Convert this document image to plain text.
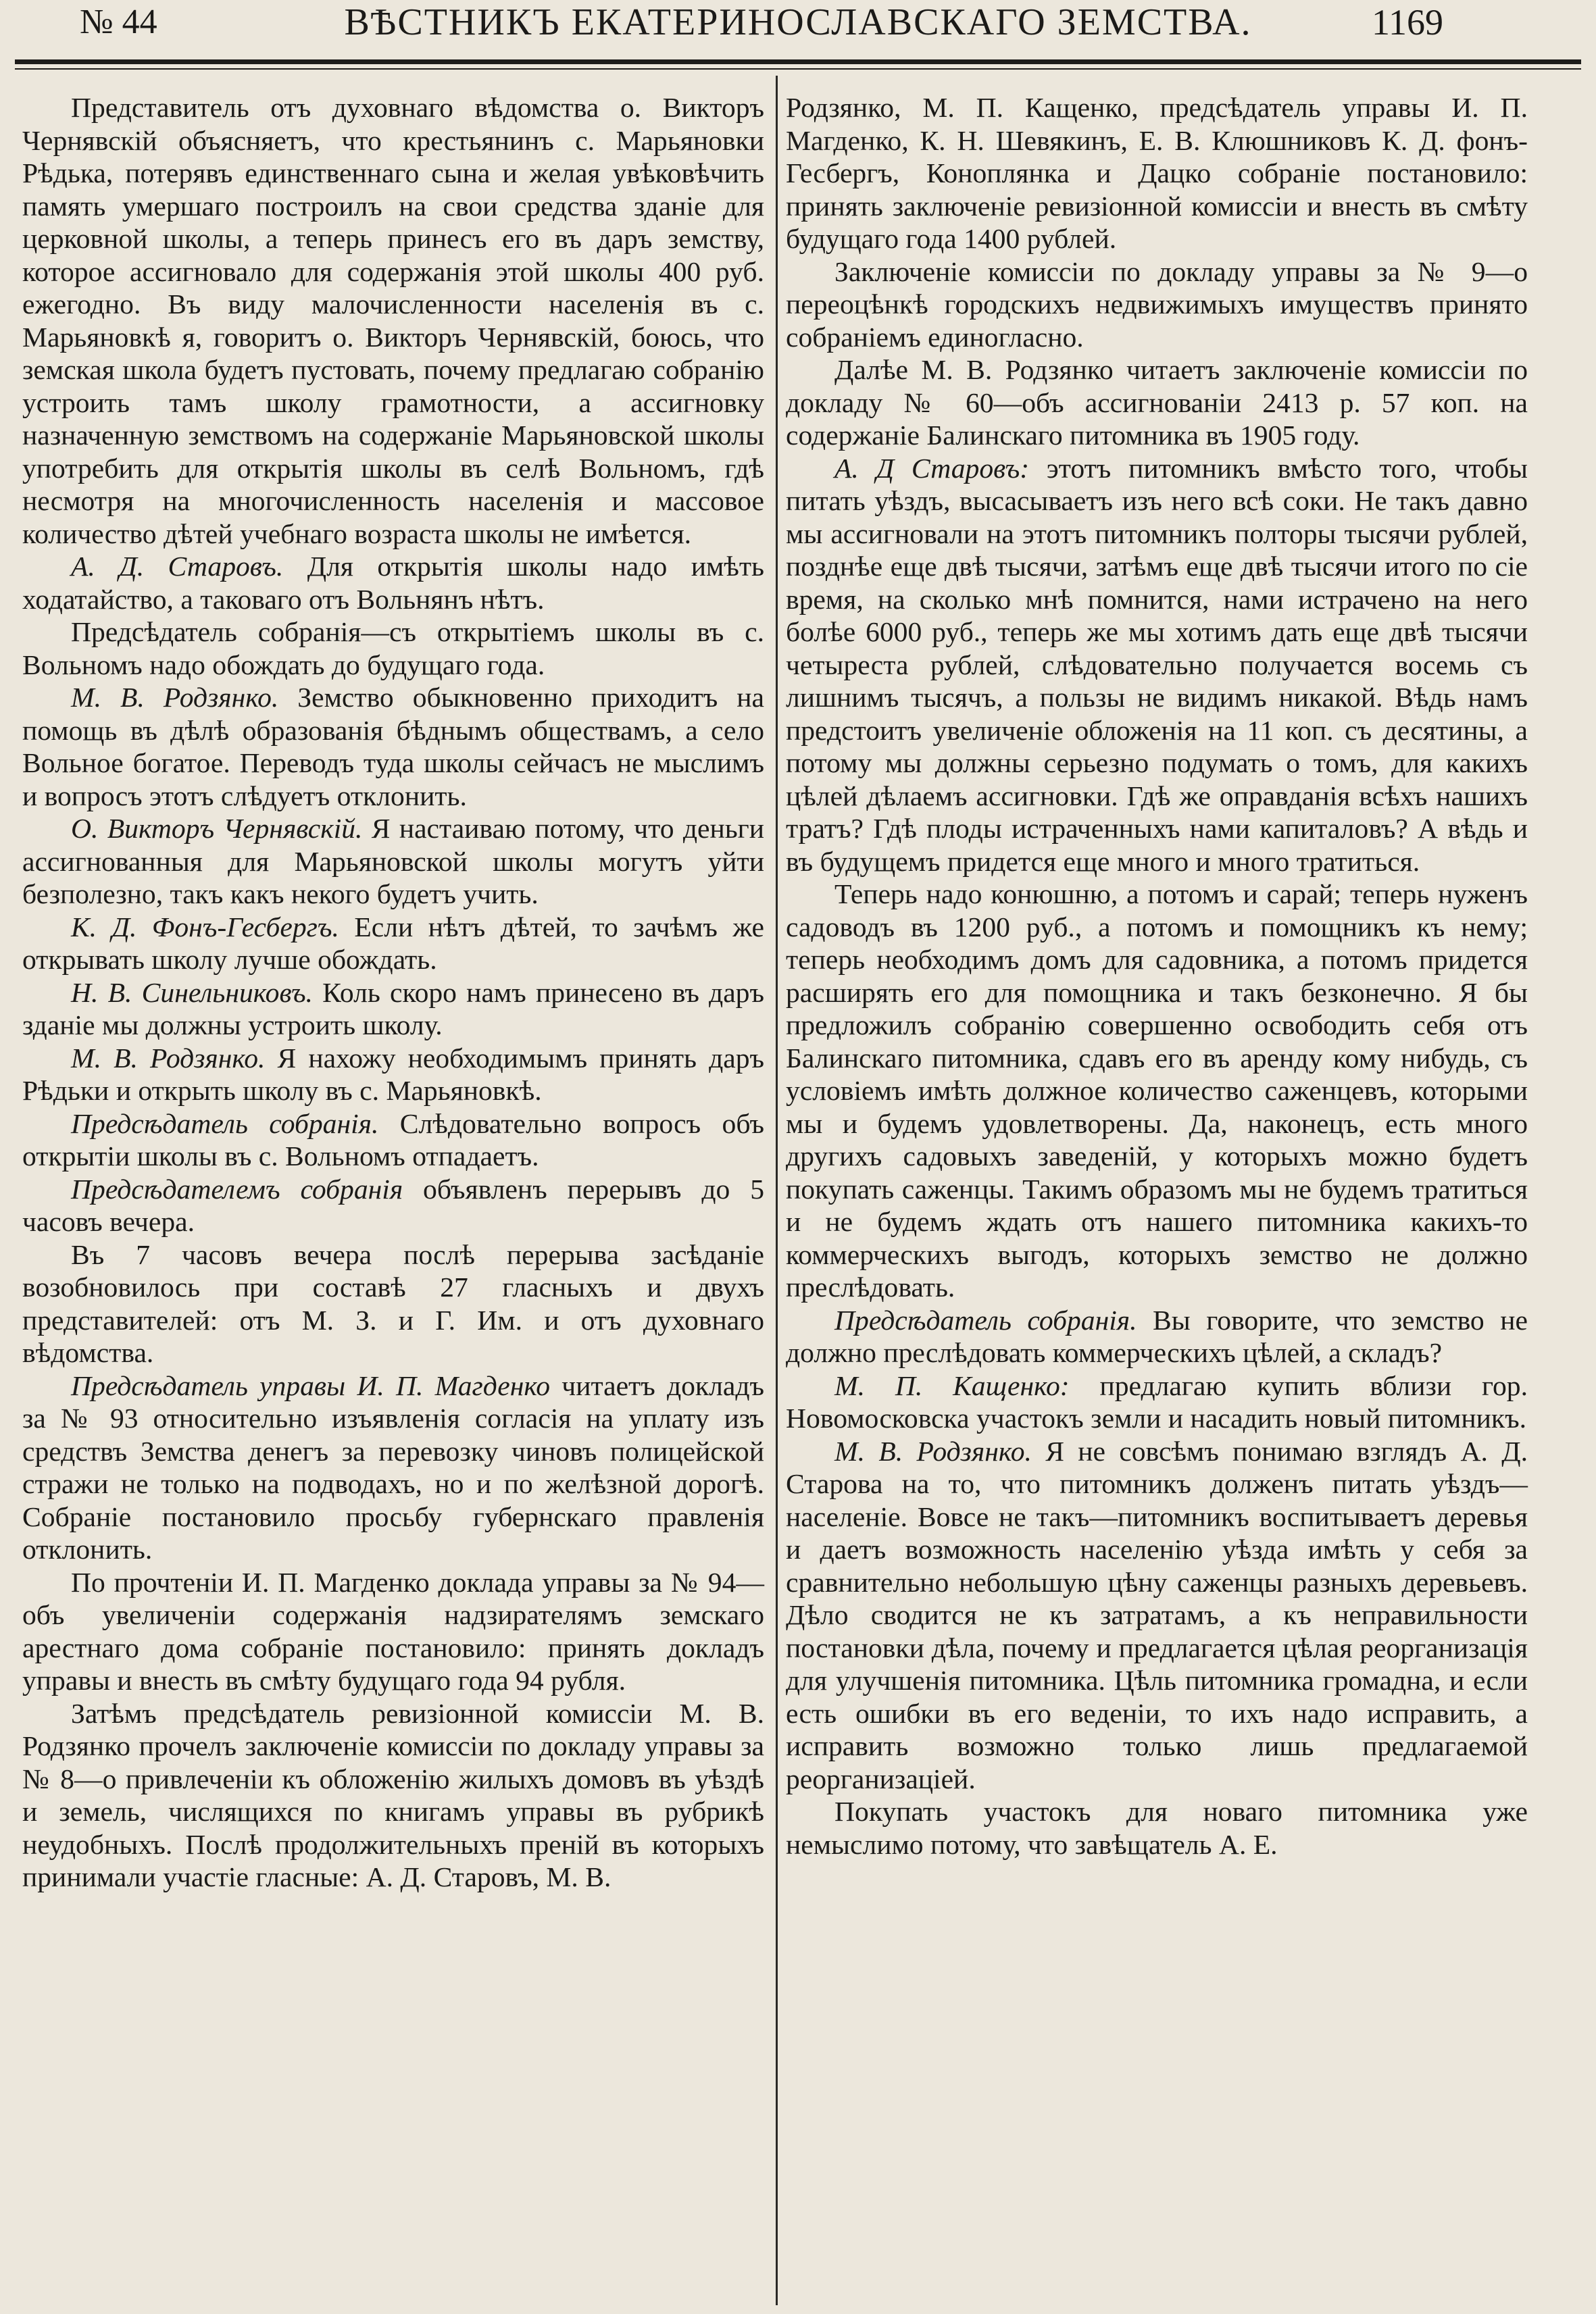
№ 44	ВѢСТНИКЪ ЕКАТЕРИНОСЛАВСКАГО ЗЕМСТВА.	1169

Представитель отъ духовнаго вѣдомства о. Викторъ Чернявскій объясняетъ, что крестьянинъ с. Марьяновки Рѣдька, потерявъ единственнаго сына и желая увѣковѣчить память умершаго построилъ на свои средства зданіе для церковной школы, а теперь принесъ его въ даръ земству, которое ассигновало для содержанія этой школы 400 руб. ежегодно. Въ виду малочисленности населенія въ с. Марьяновкѣ я, говоритъ о. Викторъ Чернявскій, боюсь, что земская школа будетъ пустовать, почему предлагаю собранію устроить тамъ школу грамотности, а ассигновку назначенную земствомъ на содержаніе Марьяновской школы употребить для открытія школы въ селѣ Вольномъ, гдѣ несмотря на многочисленность населенія и массовое количество дѣтей учебнаго возраста школы не имѣется.

А. Д. Старовъ. Для открытія школы надо имѣть ходатайство, а таковаго отъ Вольнянъ нѣтъ.

Предсѣдатель собранія—съ открытіемъ школы въ с. Вольномъ надо обождать до будущаго года.

М. В. Родзянко. Земство обыкновенно приходитъ на помощь въ дѣлѣ образованія бѣднымъ обществамъ, а село Вольное богатое. Переводъ туда школы сейчасъ не мыслимъ и вопросъ этотъ слѣдуетъ отклонить.

О. Викторъ Чернявскій. Я настаиваю потому, что деньги ассигнованныя для Марьяновской школы могутъ уйти безполезно, такъ какъ некого будетъ учить.

К. Д. Фонъ-Гесбергъ. Если нѣтъ дѣтей, то зачѣмъ же открывать школу лучше обождать.

Н. В. Синельниковъ. Коль скоро намъ принесено въ даръ зданіе мы должны устроить школу.

М. В. Родзянко. Я нахожу необходимымъ принять даръ Рѣдьки и открыть школу въ с. Марьяновкѣ.

Предсѣдатель собранія. Слѣдовательно вопросъ объ открытіи школы въ с. Вольномъ отпадаетъ.

Предсѣдателемъ собранія объявленъ перерывъ до 5 часовъ вечера.

Въ 7 часовъ вечера послѣ перерыва засѣданіе возобновилось при составѣ 27 гласныхъ и двухъ представителей: отъ М. З. и Г. Им. и отъ духовнаго вѣдомства.

Предсѣдатель управы И. П. Магденко читаетъ докладъ за № 93 относительно изъявленія согласія на уплату изъ средствъ Земства денегъ за перевозку чиновъ полицейской стражи не только на подводахъ, но и по желѣзной дорогѣ. Собраніе постановило просьбу губернскаго правленія отклонить.

По прочтеніи И. П. Магденко доклада управы за № 94—объ увеличеніи содержанія надзирателямъ земскаго арестнаго дома собраніе постановило: принять докладъ управы и внесть въ смѣту будущаго года 94 рубля.

Затѣмъ предсѣдатель ревизіонной комиссіи М. В. Родзянко прочелъ заключеніе комиссіи по докладу управы за № 8—о привлеченіи къ обложенію жилыхъ домовъ въ уѣздѣ и земель, числящихся по книгамъ управы въ рубрикѣ неудобныхъ. Послѣ продолжительныхъ преній въ которыхъ принимали участіе гласные: А. Д. Старовъ, М. В.

Родзянко, М. П. Кащенко, предсѣдатель управы И. П. Магденко, К. Н. Шевякинъ, Е. В. Клюшниковъ К. Д. фонъ-Гесбергъ, Коноплянка и Дацко собраніе постановило: принять заключеніе ревизіонной комиссіи и внесть въ смѣту будущаго года 1400 рублей.

Заключеніе комиссіи по докладу управы за № 9—о переоцѣнкѣ городскихъ недвижимыхъ имуществъ принято собраніемъ единогласно.

Далѣе М. В. Родзянко читаетъ заключеніе комиссіи по докладу № 60—объ ассигнованіи 2413 р. 57 коп. на содержаніе Балинскаго питомника въ 1905 году.

А. Д Старовъ: этотъ питомникъ вмѣсто того, чтобы питать уѣздъ, высасываетъ изъ него всѣ соки. Не такъ давно мы ассигновали на этотъ питомникъ полторы тысячи рублей, позднѣе еще двѣ тысячи, затѣмъ еще двѣ тысячи итого по сіе время, на сколько мнѣ помнится, нами истрачено на него болѣе 6000 руб., теперь же мы хотимъ дать еще двѣ тысячи четыреста рублей, слѣдовательно получается восемь съ лишнимъ тысячъ, а пользы не видимъ никакой. Вѣдь намъ предстоитъ увеличеніе обложенія на 11 коп. съ десятины, а потому мы должны серьезно подумать о томъ, для какихъ цѣлей дѣлаемъ ассигновки. Гдѣ же оправданія всѣхъ нашихъ тратъ? Гдѣ плоды истраченныхъ нами капиталовъ? А вѣдь и въ будущемъ придется еще много и много тратиться.

Теперь надо конюшню, а потомъ и сарай; теперь нуженъ садоводъ въ 1200 руб., а потомъ и помощникъ къ нему; теперь необходимъ домъ для садовника, а потомъ придется расширять его для помощника и такъ безконечно. Я бы предложилъ собранію совершенно освободить себя отъ Балинскаго питомника, сдавъ его въ аренду кому нибудь, съ условіемъ имѣть должное количество саженцевъ, которыми мы и будемъ удовлетворены. Да, наконецъ, есть много другихъ садовыхъ заведеній, у которыхъ можно будетъ покупать саженцы. Такимъ образомъ мы не будемъ тратиться и не будемъ ждать отъ нашего питомника какихъ-то коммерческихъ выгодъ, которыхъ земство не должно преслѣдовать.

Предсѣдатель собранія. Вы говорите, что земство не должно преслѣдовать коммерческихъ цѣлей, а складъ?

М. П. Кащенко: предлагаю купить вблизи гор. Новомосковска участокъ земли и насадить новый питомникъ.

М. В. Родзянко. Я не совсѣмъ понимаю взглядъ А. Д. Старова на то, что питомникъ долженъ питать уѣздъ—населеніе. Вовсе не такъ—питомникъ воспитываетъ деревья и даетъ возможность населенію уѣзда имѣть у себя за сравнительно небольшую цѣну саженцы разныхъ деревьевъ. Дѣло сводится не къ затратамъ, а къ неправильности постановки дѣла, почему и предлагается цѣлая реорганизація для улучшенія питомника. Цѣль питомника громадна, и если есть ошибки въ его веденіи, то ихъ надо исправить, а исправить возможно только лишь предлагаемой реорганизаціей.

Покупать участокъ для новаго питомника уже немыслимо потому, что завѣщатель А. Е.
